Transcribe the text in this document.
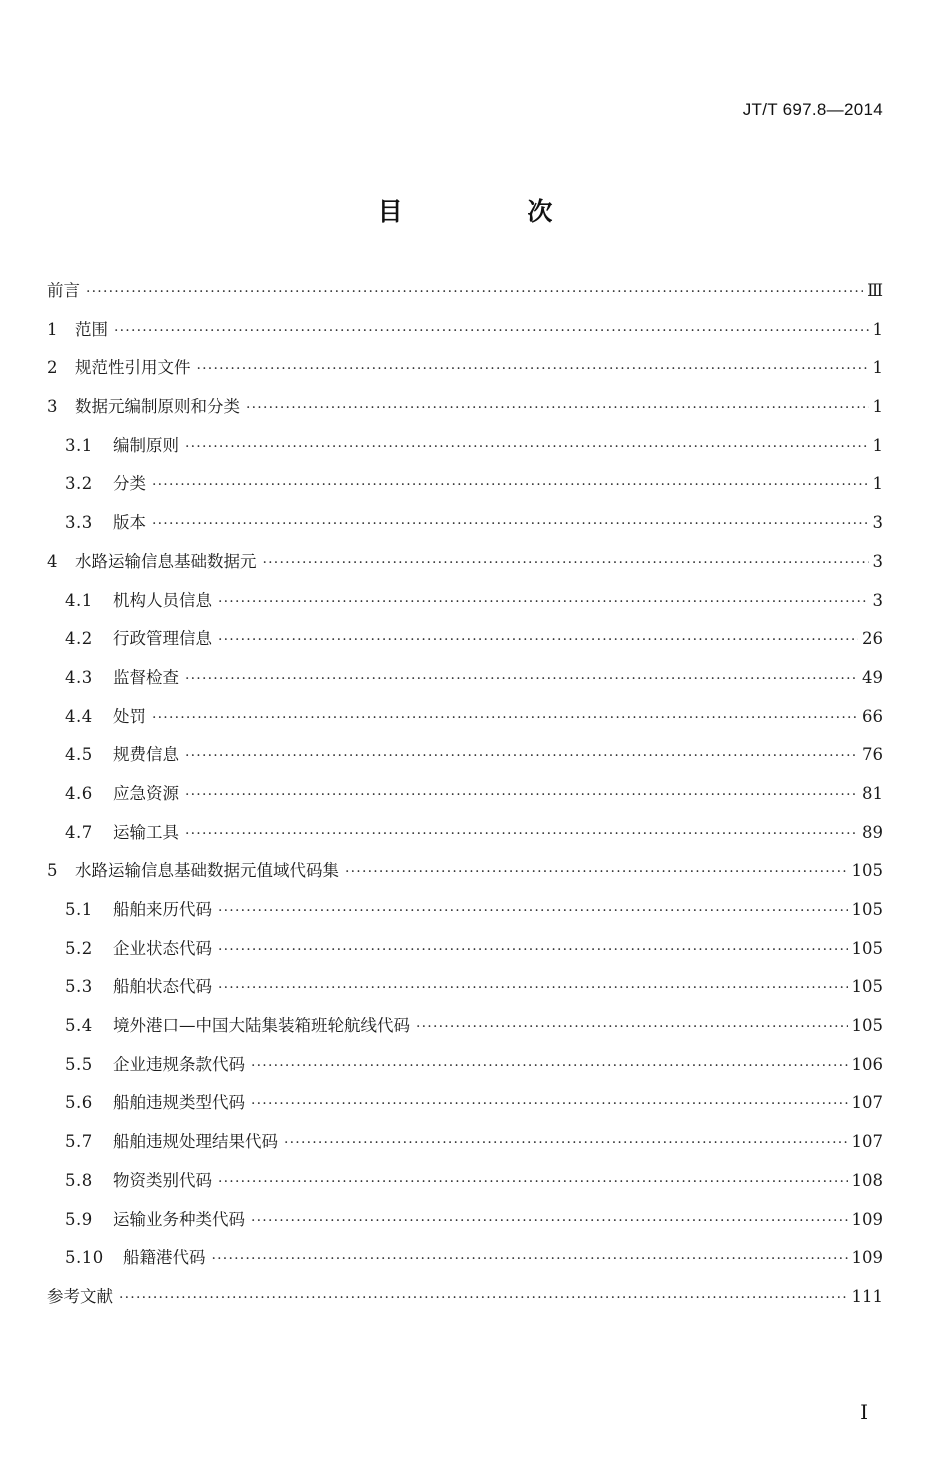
JT/T 697.8—2014
目 次
前言 ·····	Ⅲ
1	范围 ·····	1
2	规范性引用文件 ·····	1
3	数据元编制原则和分类 ·····	1
3.1	编制原则 ·····	1
3.2	分类 ·····	1
3.3	版本 ·····	3
4	水路运输信息基础数据元 ·····	3
4.1	机构人员信息 ·····	3
4.2	行政管理信息 ·····	26
4.3	监督检查 ·····	49
4.4	处罚 ·····	66
4.5	规费信息 ·····	76
4.6	应急资源 ·····	81
4.7	运输工具 ·····	89
5	水路运输信息基础数据元值域代码集 ·····	105
5.1	船舶来历代码 ·····	105
5.2	企业状态代码 ·····	105
5.3	船舶状态代码 ·····	105
5.4	境外港口—中国大陆集装箱班轮航线代码 ·····	105
5.5	企业违规条款代码 ·····	106
5.6	船舶违规类型代码 ·····	107
5.7	船舶违规处理结果代码 ·····	107
5.8	物资类别代码 ·····	108
5.9	运输业务种类代码 ·····	109
5.10	船籍港代码 ·····	109
参考文献 ·····	111
I
